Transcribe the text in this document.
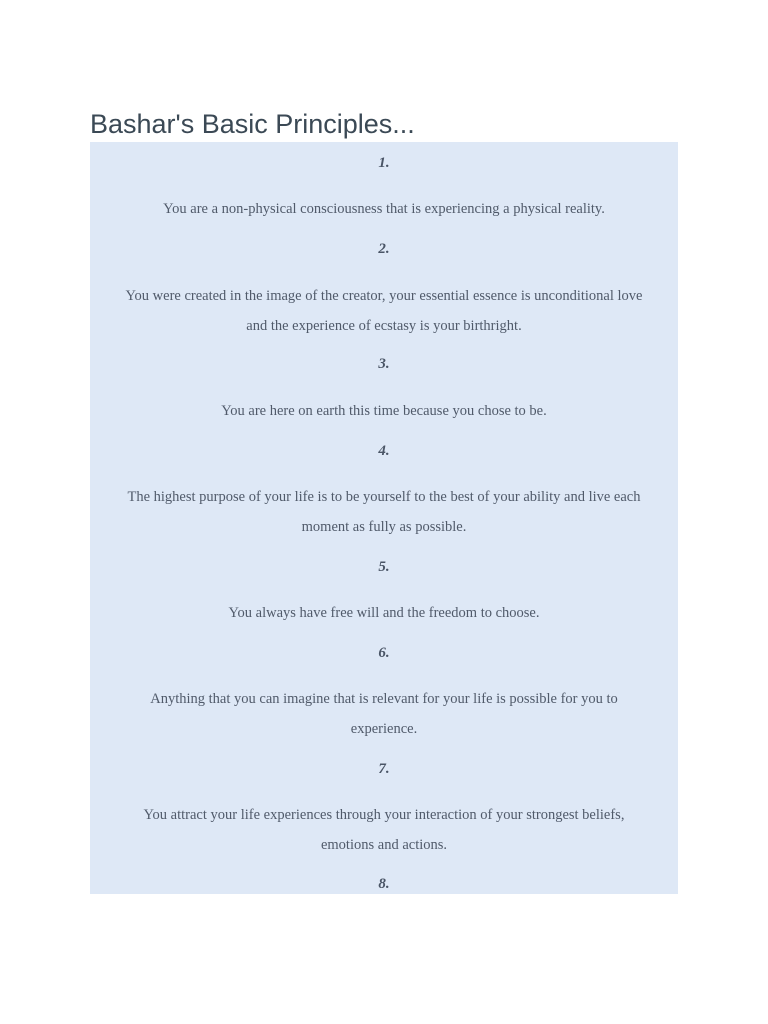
Bashar's Basic Principles...
1.
You are a non-physical consciousness that is experiencing a physical reality.
2.
You were created in the image of the creator, your essential essence is unconditional love
and the experience of ecstasy is your birthright.
3.
You are here on earth this time because you chose to be.
4.
The highest purpose of your life is to be yourself to the best of your ability and live each
moment as fully as possible.
5.
You always have free will and the freedom to choose.
6.
Anything that you can imagine that is relevant for your life is possible for you to
experience.
7.
You attract your life experiences through your interaction of your strongest beliefs,
emotions and actions.
8.
